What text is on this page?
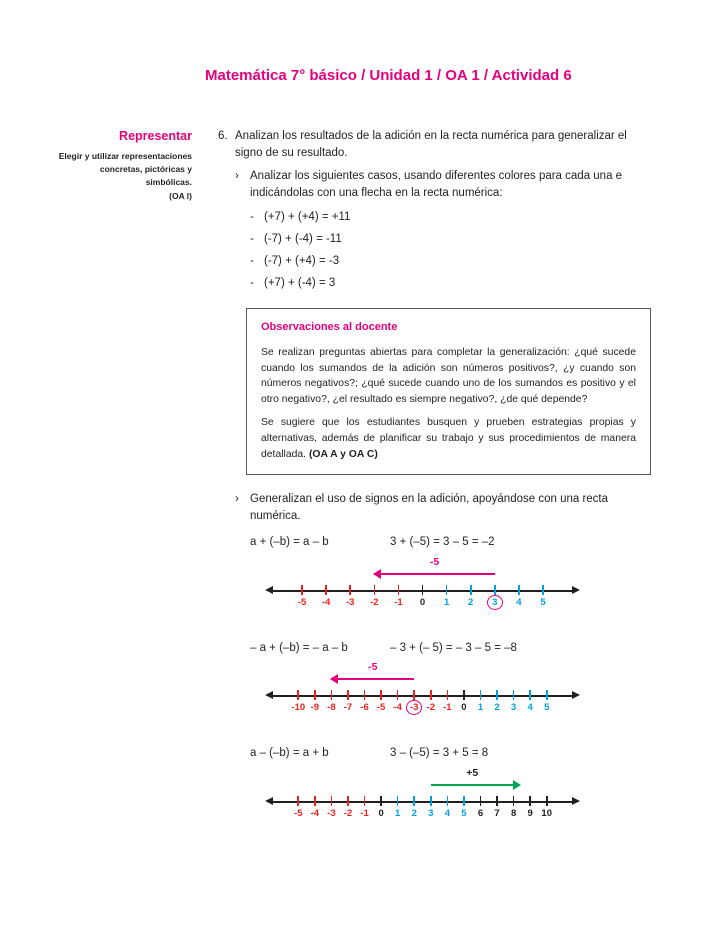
Matemática 7° básico / Unidad 1 / OA 1 / Actividad 6
Representar
Elegir y utilizar representaciones concretas, pictóricas y simbólicas.
(OA l)
6. Analizan los resultados de la adición en la recta numérica para generalizar el signo de su resultado.
› Analizar los siguientes casos, usando diferentes colores para cada una e indicándolas con una flecha en la recta numérica:
- (+7) + (+4) = +11
- (-7) + (-4) = -11
- (-7) + (+4) = -3
- (+7) + (-4) = 3
Observaciones al docente
Se realizan preguntas abiertas para completar la generalización: ¿qué sucede cuando los sumandos de la adición son números positivos?, ¿y cuando son números negativos?; ¿qué sucede cuando uno de los sumandos es positivo y el otro negativo?, ¿el resultado es siempre negativo?, ¿de qué depende?
Se sugiere que los estudiantes busquen y prueben estrategias propias y alternativas, además de planificar su trabajo y sus procedimientos de manera detallada. (OA A y OA C)
› Generalizan el uso de signos en la adición, apoyándose con una recta numérica.
a + (–b) = a – b	3 + (–5) = 3 – 5 = –2
-5
-5 -4 -3 -2 -1 0 1 2	3	4 5
– a + (–b) = – a – b	– 3 + (– 5) = – 3 – 5 = –8
-5
-10 -9 -8 -7 -6 -5 -4 -3 -2 -1 0 1 2 3 4 5
a – (–b) = a + b	3 – (–5) = 3 + 5 = 8
+5
-5 -4 -3 -2 -1 0 1 2 3 4 5 6 7 8 9 10
